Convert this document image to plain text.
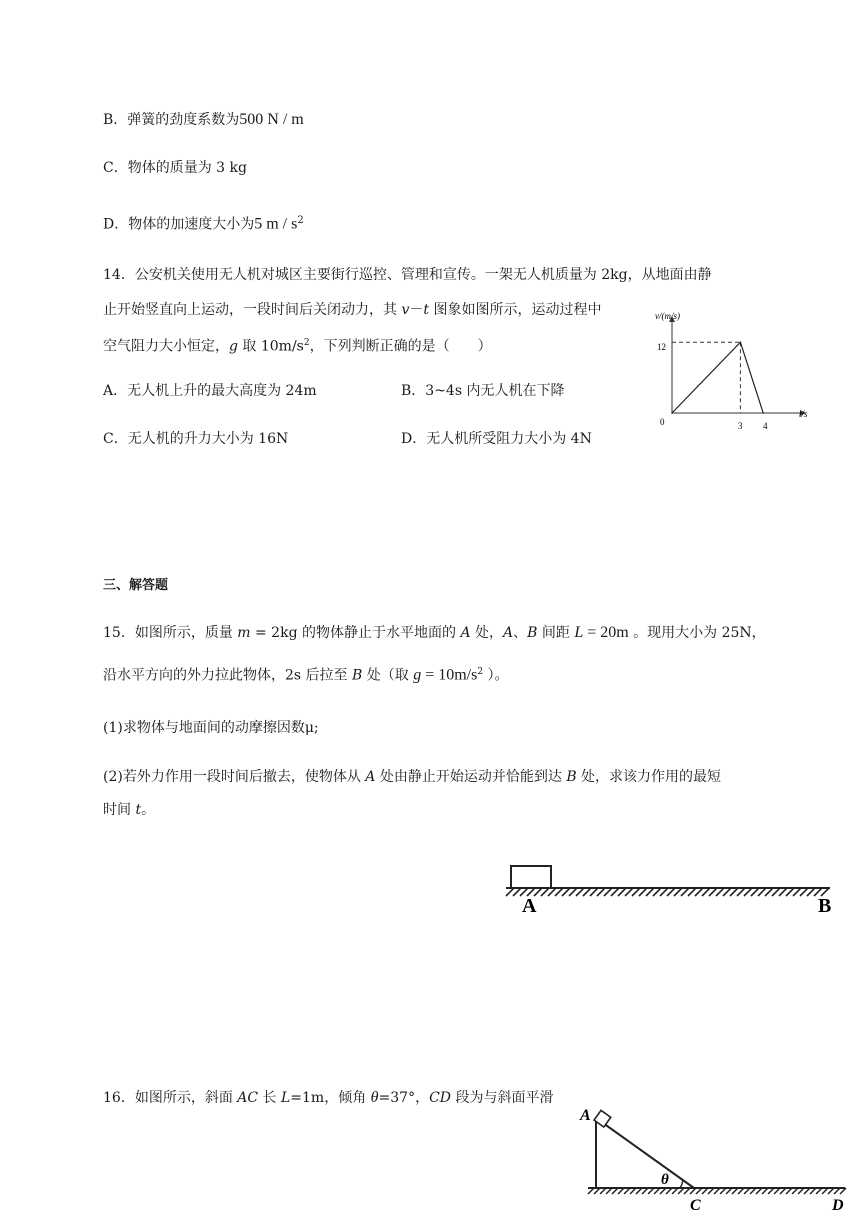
B．弹簧的劲度系数为500 N / m
C．物体的质量为 3 kg
D．物体的加速度大小为5 m / $s^2$
14．公安机关使用无人机对城区主要街行巡控、管理和宣传。一架无人机质量为 2kg，从地面由静
止开始竖直向上运动，一段时间后关闭动力，其 v－t 图象如图所示，运动过程中
空气阻力大小恒定，g 取 $10m/s^2$，下列判断正确的是（　　）
A．无人机上升的最大高度为 24m	B．3~4s 内无人机在下降
C．无人机的升力大小为 16N	D．无人机所受阻力大小为 4N
v/(m/s)
t/s
0
12
3 4
三、解答题
15．如图所示，质量 m = 2kg 的物体静止于水平地面的 A 处，A、B 间距 L = 20m 。现用大小为 25N，
沿水平方向的外力拉此物体，2s 后拉至 B 处（取 $g = 10m/s^2$ ）。
(1)求物体与地面间的动摩擦因数μ;
(2)若外力作用一段时间后撤去，使物体从 A 处由静止开始运动并恰能到达 B 处，求该力作用的最短
时间 t。
A	B
16．如图所示，斜面 AC 长 L=1m，倾角 θ=37°，CD 段为与斜面平滑
A
θ
C	D
